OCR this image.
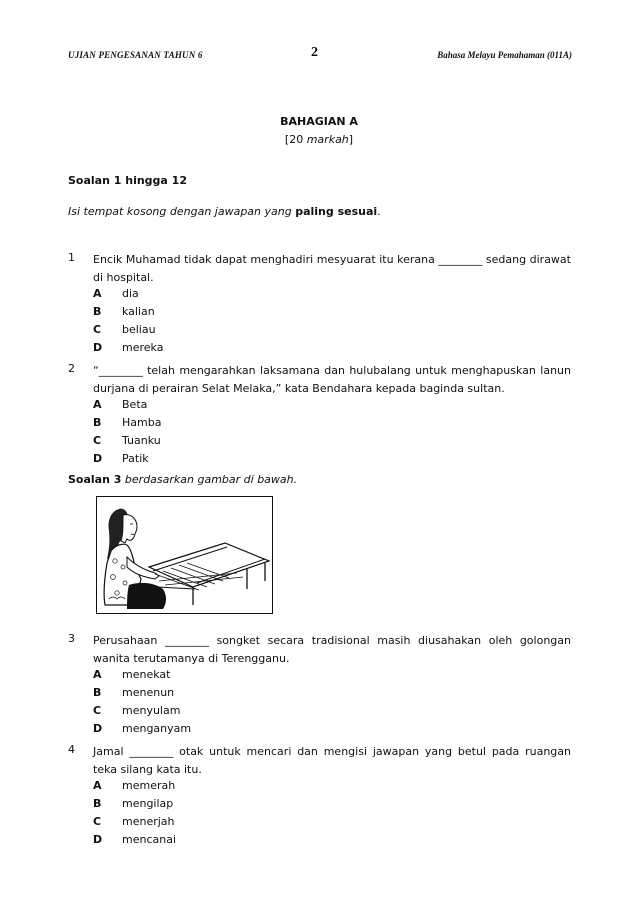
UJIAN PENGESANAN TAHUN 6	2	Bahasa Melayu Pemahaman (011A)
BAHAGIAN A
[20 markah]
Soalan 1 hingga 12
Isi tempat kosong dengan jawapan yang paling sesuai.
1 Encik Muhamad tidak dapat menghadiri mesyuarat itu kerana ________ sedang dirawat di hospital.
A dia
B kalian
C beliau
D mereka
2 “________ telah mengarahkan laksamana dan hulubalang untuk menghapuskan lanun durjana di perairan Selat Melaka,” kata Bendahara kepada baginda sultan.
A Beta
B Hamba
C Tuanku
D Patik
Soalan 3 berdasarkan gambar di bawah.
3 Perusahaan ________ songket secara tradisional masih diusahakan oleh golongan wanita terutamanya di Terengganu.
A menekat
B menenun
C menyulam
D menganyam
4 Jamal ________ otak untuk mencari dan mengisi jawapan yang betul pada ruangan teka silang kata itu.
A memerah
B mengilap
C menerjah
D mencanai
